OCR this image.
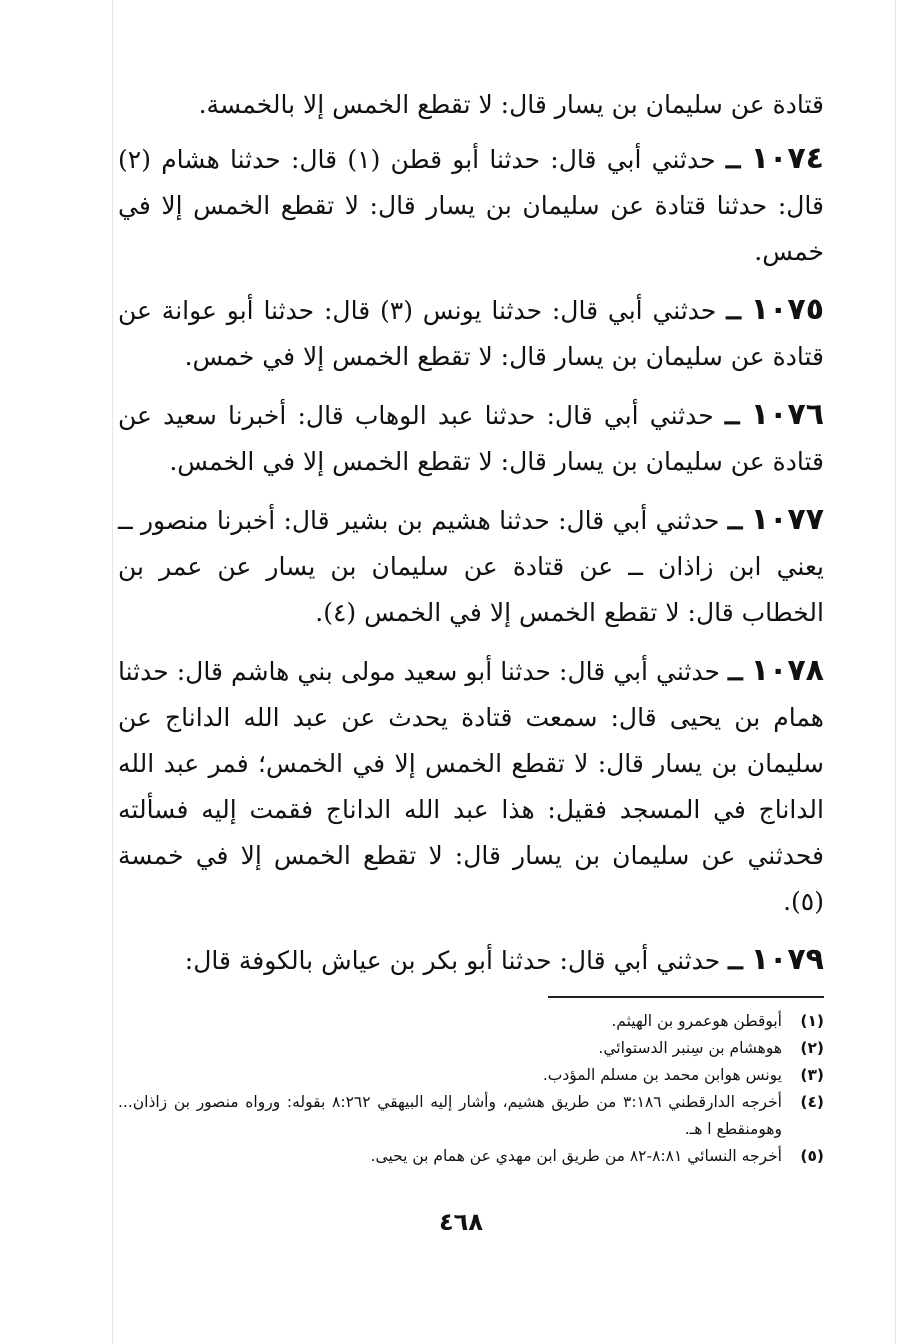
قتادة عن سليمان بن يسار قال: لا تقطع الخمس إلا بالخمسة.

١٠٧٤ ــ حدثني أبي قال: حدثنا أبو قطن (١) قال: حدثنا هشام (٢) قال: حدثنا قتادة عن سليمان بن يسار قال: لا تقطع الخمس إلا في خمس.

١٠٧٥ ــ حدثني أبي قال: حدثنا يونس (٣) قال: حدثنا أبو عوانة عن قتادة عن سليمان بن يسار قال: لا تقطع الخمس إلا في خمس.

١٠٧٦ ــ حدثني أبي قال: حدثنا عبد الوهاب قال: أخبرنا سعيد عن قتادة عن سليمان بن يسار قال: لا تقطع الخمس إلا في الخمس.

١٠٧٧ ــ حدثني أبي قال: حدثنا هشيم بن بشير قال: أخبرنا منصور ــ يعني ابن زاذان ــ عن قتادة عن سليمان بن يسار عن عمر بن الخطاب قال: لا تقطع الخمس إلا في الخمس (٤).

١٠٧٨ ــ حدثني أبي قال: حدثنا أبو سعيد مولى بني هاشم قال: حدثنا همام بن يحيى قال: سمعت قتادة يحدث عن عبد الله الداناج عن سليمان بن يسار قال: لا تقطع الخمس إلا في الخمس؛ فمر عبد الله الداناج في المسجد فقيل: هذا عبد الله الداناج فقمت إليه فسألته فحدثني عن سليمان بن يسار قال: لا تقطع الخمس إلا في خمسة (٥).

١٠٧٩ ــ حدثني أبي قال: حدثنا أبو بكر بن عياش بالكوفة قال:

(١)
أبوقطن هوعمرو بن الهيثم.
(٢)
هوهشام بن سِنبر الدستوائي.
(٣)
يونس هوابن محمد بن مسلم المؤدب.
(٤)
أخرجه الدارقطني ٣:١٨٦ من طريق هشيم، وأشار إليه البيهقي ٨:٢٦٢ بقوله: ورواه منصور بن زاذان... وهومنقطع ا هـ.
(٥)
أخرجه النسائي ٨:٨١-٨٢ من طريق ابن مهدي عن همام بن يحيى.
٤٦٨
